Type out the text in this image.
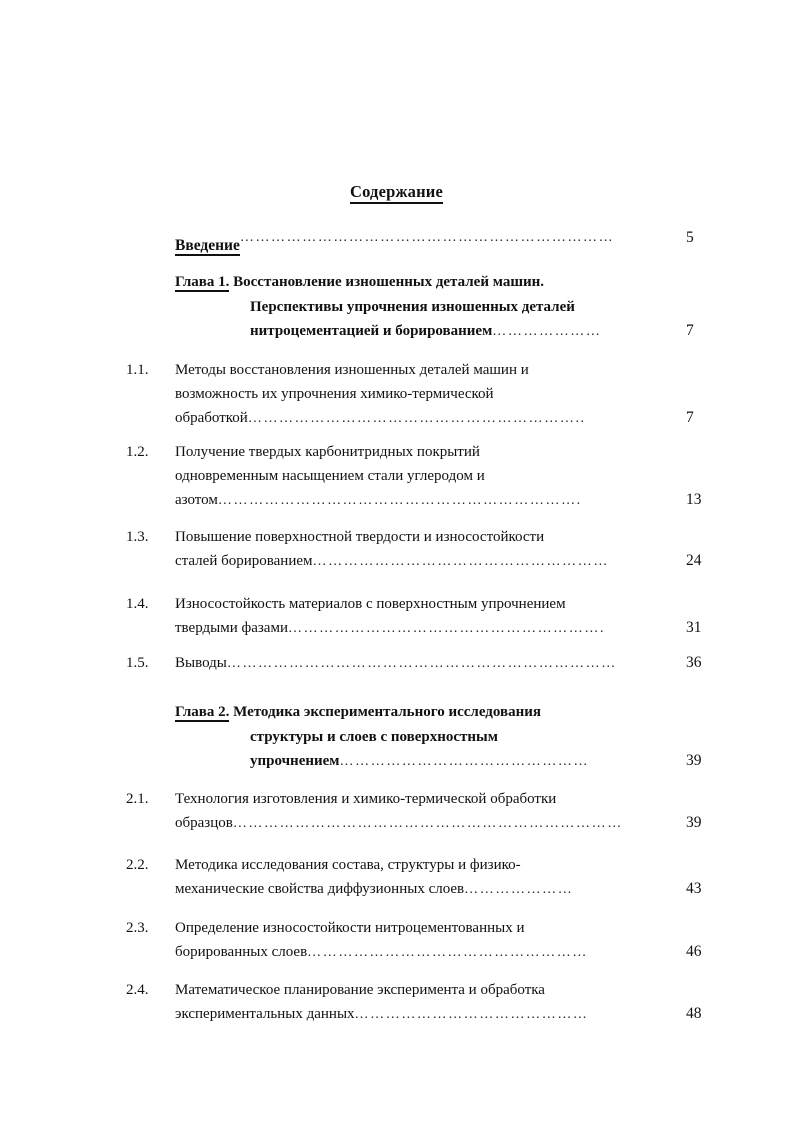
Содержание
Введение………………………………………………………………	5
Глава 1. Восстановление изношенных деталей машин.
Перспективы упрочнения изношенных деталей
нитроцементацией и борированием…………………	7
1.1.	Методы восстановления изношенных деталей машин и
возможность их упрочнения химико-термической
обработкой………………………………………………………..	7
1.2.	Получение твердых карбонитридных покрытий
одновременным насыщением стали углеродом и
азотом…………………………………………………………….	13
1.3.	Повышение поверхностной твердости и износостойкости
сталей борированием…………………………………………………	24
1.4.	Износостойкость материалов с поверхностным упрочнением
твердыми фазами…………………………………………………….	31
1.5.	Выводы…………………………………………………………………	36
Глава 2. Методика экспериментального исследования
структуры и слоев с поверхностным
упрочнением…………………………………………	39
2.1.	Технология изготовления и химико-термической обработки
образцов…………………………………………………………………	39
2.2.	Методика исследования состава, структуры и физико-
механические свойства диффузионных слоев…………………	43
2.3.	Определение износостойкости нитроцементованных и
борированных слоев………………………………………………	46
2.4.	Математическое планирование эксперимента и обработка
экспериментальных данных………………………………………	48
